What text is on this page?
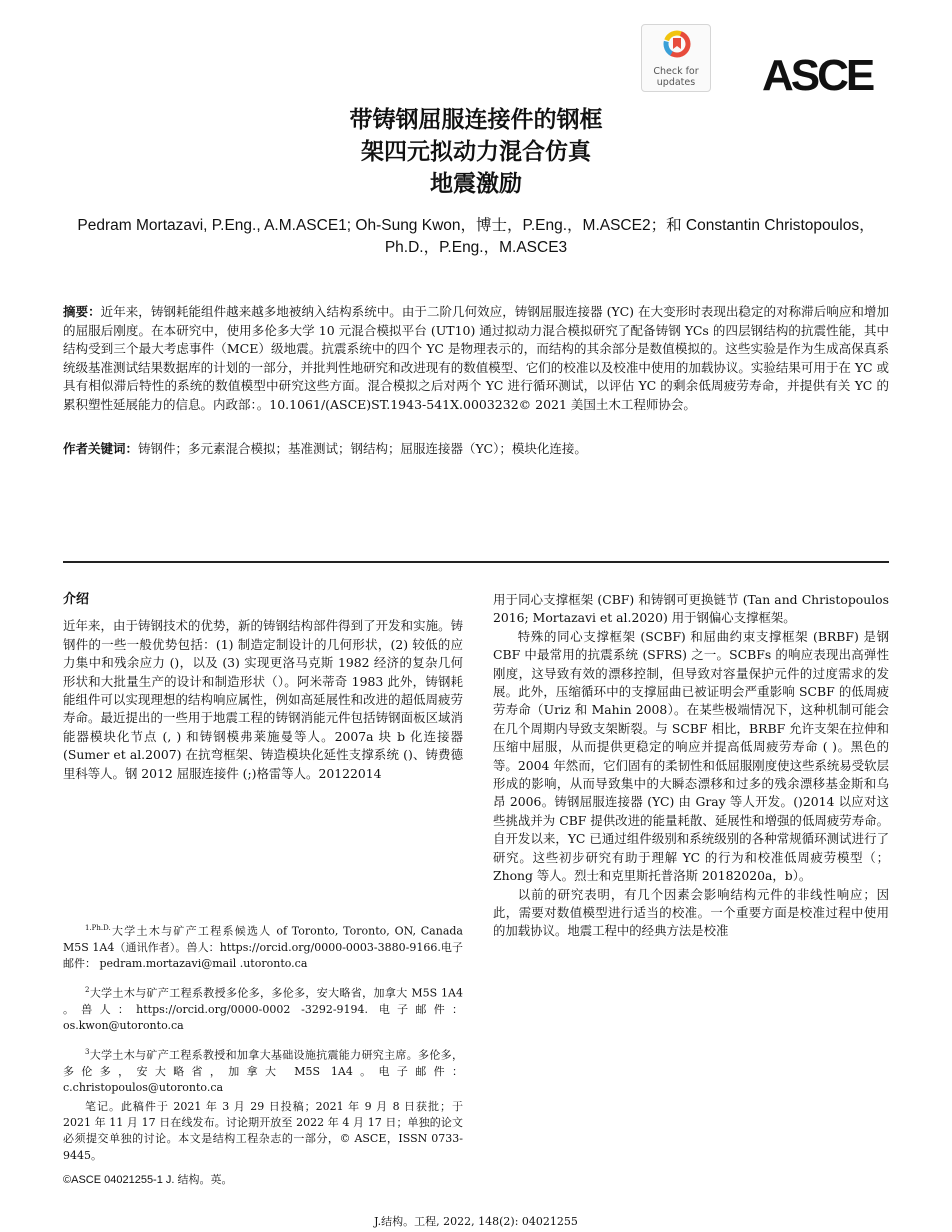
Check for
updates	ASCE
带铸钢屈服连接件的钢框
架四元拟动力混合仿真
地震激励
Pedram Mortazavi, P.Eng., A.M.ASCE1; Oh-Sung Kwon，博士，P.Eng.，M.ASCE2；和 Constantin Christopoulos，
Ph.D.，P.Eng.，M.ASCE3
摘要：近年来，铸钢耗能组件越来越多地被纳入结构系统中。由于二阶几何效应，铸钢屈服连接器 (YC) 在大变形时表现出稳定的对称滞后响应和增加的屈服后刚度。在本研究中，使用多伦多大学 10 元混合模拟平台 (UT10) 通过拟动力混合模拟研究了配备铸钢 YCs 的四层钢结构的抗震性能，其中结构受到三个最大考虑事件（MCE）级地震。抗震系统中的四个 YC 是物理表示的，而结构的其余部分是数值模拟的。这些实验是作为生成高保真系统级基准测试结果数据库的计划的一部分，并批判性地研究和改进现有的数值模型、它们的校准以及校准中使用的加载协议。实验结果可用于在 YC 或具有相似滞后特性的系统的数值模型中研究这些方面。混合模拟之后对两个 YC 进行循环测试，以评估 YC 的剩余低周疲劳寿命，并提供有关 YC 的累积塑性延展能力的信息。内政部：。10.1061/(ASCE)ST.1943-541X.0003232© 2021 美国土木工程师协会。
作者关键词：铸钢件；多元素混合模拟；基准测试；钢结构；屈服连接器（YC）；模块化连接。
介绍

近年来，由于铸钢技术的优势，新的铸钢结构部件得到了开发和实施。铸钢件的一些一般优势包括：(1) 制造定制设计的几何形状，(2) 较低的应力集中和残余应力 ()，以及 (3) 实现更洛马克斯 1982 经济的复杂几何形状和大批量生产的设计和制造形状（）。阿米蒂奇 1983 此外，铸钢耗能组件可以实现理想的结构响应属性，例如高延展性和改进的超低周疲劳寿命。最近提出的一些用于地震工程的铸钢消能元件包括铸钢面板区域消能器模块化节点 (, ) 和铸钢模弗莱施曼等人。2007a 块 b 化连接器 (Sumer et al.2007) 在抗弯框架、铸造模块化延性支撑系统 ()、铸费德里科等人。钢 2012 屈服连接件 (;)格雷等人。20122014

用于同心支撑框架 (CBF) 和铸钢可更换链节 (Tan and Christopoulos 2016; Mortazavi et al.2020) 用于钢偏心支撑框架。

特殊的同心支撑框架 (SCBF) 和屈曲约束支撑框架 (BRBF) 是钢 CBF 中最常用的抗震系统 (SFRS) 之一。SCBFs 的响应表现出高弹性刚度，这导致有效的漂移控制，但导致对容量保护元件的过度需求的发展。此外，压缩循环中的支撑屈曲已被证明会严重影响 SCBF 的低周疲劳寿命（Uriz 和 Mahin 2008）。在某些极端情况下，这种机制可能会在几个周期内导致支架断裂。与 SCBF 相比，BRBF 允许支架在拉伸和压缩中屈服，从而提供更稳定的响应并提高低周疲劳寿命 ( )。黑色的等。2004 年然而，它们固有的柔韧性和低屈服刚度使这些系统易受软层形成的影响，从而导致集中的大瞬态漂移和过多的残余漂移基金斯和乌昂 2006。铸钢屈服连接器 (YC) 由 Gray 等人开发。()2014 以应对这些挑战并为 CBF 提供改进的能量耗散、延展性和增强的低周疲劳寿命。自开发以来，YC 已通过组件级别和系统级别的各种常规循环测试进行了研究。这些初步研究有助于理解 YC 的行为和校准低周疲劳模型（；Zhong 等人。烈士和克里斯托普洛斯 20182020a，b）。

以前的研究表明，有几个因素会影响结构元件的非线性响应；因此，需要对数值模型进行适当的校准。一个重要方面是校准过程中使用的加载协议。地震工程中的经典方法是校准

$^{1.Ph.D.}$大学土木与矿产工程系候选人 of Toronto, Toronto, ON, Canada M5S 1A4（通讯作者）。兽人：https://orcid.org/0000-0003-3880-9166.电子邮件： pedram.mortazavi@mail .utoronto.ca

$^2$大学土木与矿产工程系教授多伦多，多伦多，安大略省，加拿大 M5S 1A4 。兽人：https://orcid.org/0000-0002 -3292-9194. 电子邮件：os.kwon@utoronto.ca

$^3$大学土木与矿产工程系教授和加拿大基础设施抗震能力研究主席。多伦多，多伦多，安大略省，加拿大 M5S 1A4。电子邮件：c.christopoulos@utoronto.ca

笔记。此稿件于 2021 年 3 月 29 日投稿；2021 年 9 月 8 日获批；于 2021 年 11 月 17 日在线发布。讨论期开放至 2022 年 4 月 17 日；单独的论文必须提交单独的讨论。本文是结构工程杂志的一部分，© ASCE，ISSN 0733-9445。

©ASCE 04021255-1 J. 结构。英。
J.结构。工程, 2022, 148(2): 04021255
